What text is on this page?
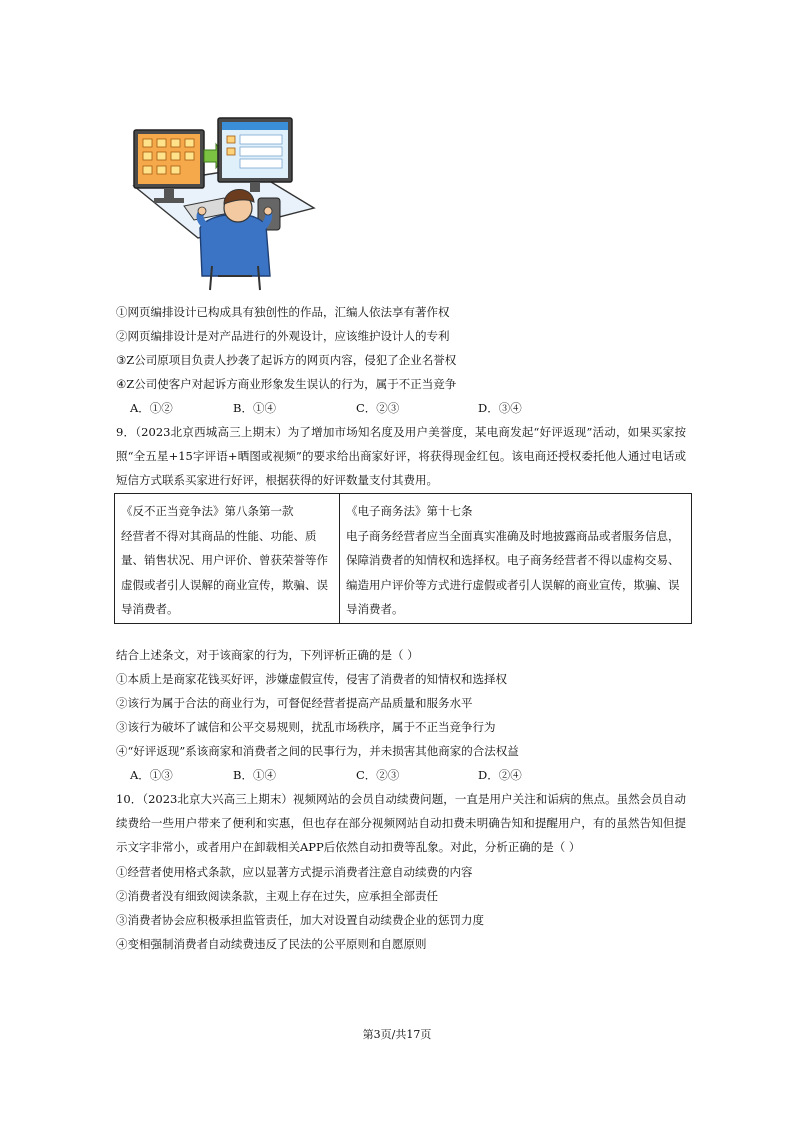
①网页编排设计已构成具有独创性的作品，汇编人依法享有著作权
②网页编排设计是对产品进行的外观设计，应该维护设计人的专利
③Z公司原项目负责人抄袭了起诉方的网页内容，侵犯了企业名誉权
④Z公司使客户对起诉方商业形象发生误认的行为，属于不正当竞争
A．①②	B．①④	C．②③	D．③④
9．（2023北京西城高三上期末）为了增加市场知名度及用户美誉度，某电商发起“好评返现”活动，如果买家按照“全五星+15字评语+晒图或视频”的要求给出商家好评，将获得现金红包。该电商还授权委托他人通过电话或短信方式联系买家进行好评，根据获得的好评数量支付其费用。
《反不正当竞争法》第八条第一款
经营者不得对其商品的性能、功能、质量、销售状况、用户评价、曾获荣誉等作虚假或者引人误解的商业宣传，欺骗、误导消费者。
《电子商务法》第十七条
电子商务经营者应当全面真实准确及时地披露商品或者服务信息，保障消费者的知情权和选择权。电子商务经营者不得以虚构交易、编造用户评价等方式进行虚假或者引人误解的商业宣传，欺骗、误导消费者。
结合上述条文，对于该商家的行为，下列评析正确的是（ ）
①本质上是商家花钱买好评，涉嫌虚假宣传，侵害了消费者的知情权和选择权
②该行为属于合法的商业行为，可督促经营者提高产品质量和服务水平
③该行为破坏了诚信和公平交易规则，扰乱市场秩序，属于不正当竞争行为
④“好评返现”系该商家和消费者之间的民事行为，并未损害其他商家的合法权益
A．①③	B．①④	C．②③	D．②④
10．（2023北京大兴高三上期末）视频网站的会员自动续费问题，一直是用户关注和诟病的焦点。虽然会员自动续费给一些用户带来了便利和实惠，但也存在部分视频网站自动扣费未明确告知和提醒用户，有的虽然告知但提示文字非常小，或者用户在卸载相关APP后依然自动扣费等乱象。对此，分析正确的是（ ）
①经营者使用格式条款，应以显著方式提示消费者注意自动续费的内容
②消费者没有细致阅读条款，主观上存在过失，应承担全部责任
③消费者协会应积极承担监管责任，加大对设置自动续费企业的惩罚力度
④变相强制消费者自动续费违反了民法的公平原则和自愿原则
第3页/共17页
